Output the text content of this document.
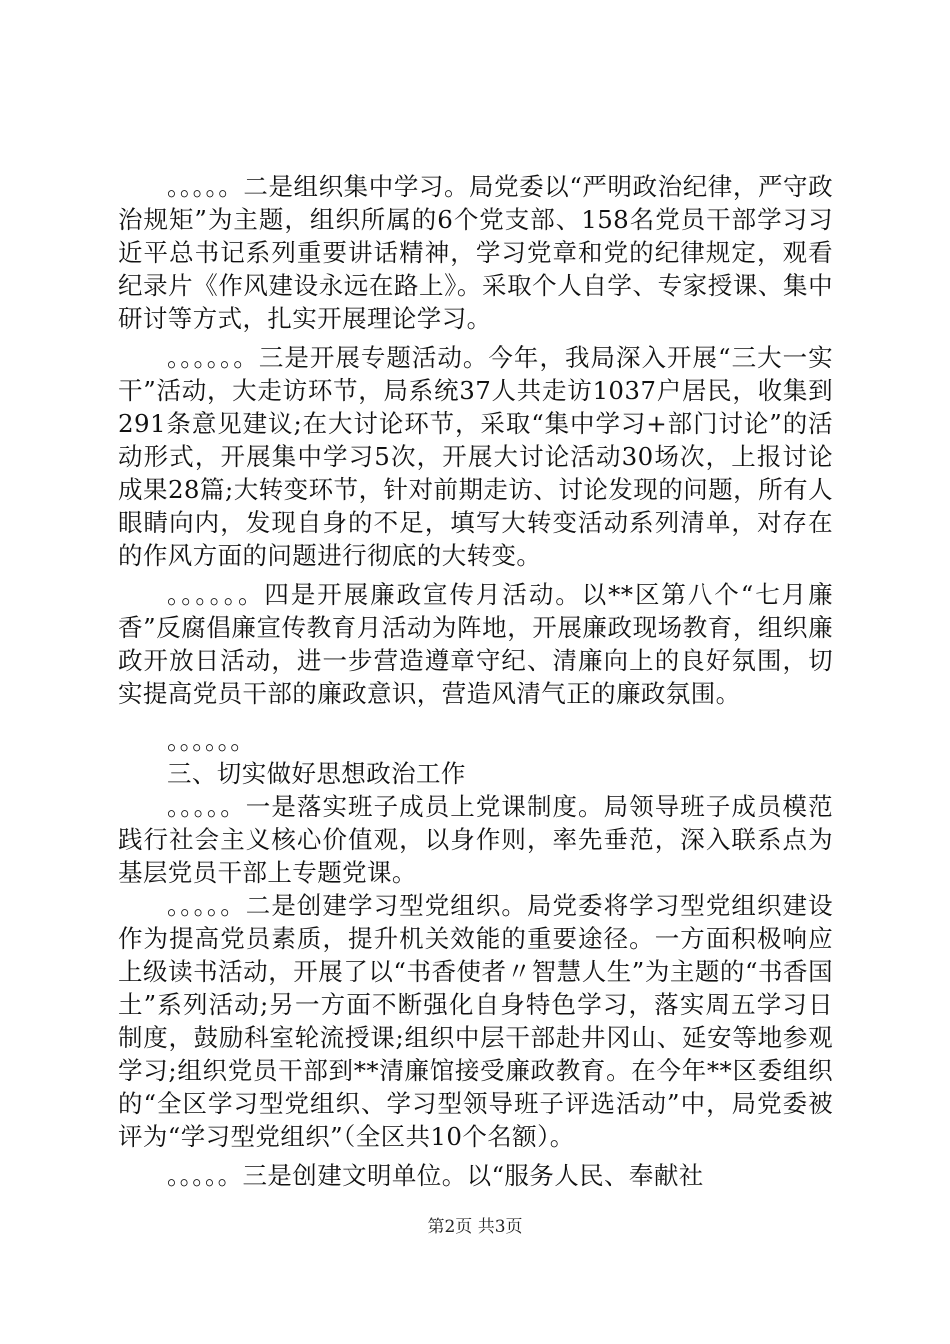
。。。。。二是组织集中学习。局党委以“严明政治纪律，严守政治规矩”为主题，组织所属的6个党支部、158名党员干部学习习近平总书记系列重要讲话精神，学习党章和党的纪律规定，观看纪录片《作风建设永远在路上》。采取个人自学、专家授课、集中研讨等方式，扎实开展理论学习。

。。。。。。三是开展专题活动。今年，我局深入开展“三大一实干”活动，大走访环节，局系统37人共走访1037户居民，收集到291条意见建议;在大讨论环节，采取“集中学习+部门讨论”的活动形式，开展集中学习5次，开展大讨论活动30场次，上报讨论成果28篇;大转变环节，针对前期走访、讨论发现的问题，所有人眼睛向内，发现自身的不足，填写大转变活动系列清单，对存在的作风方面的问题进行彻底的大转变。

。。。。。。四是开展廉政宣传月活动。以**区第八个“七月廉香”反腐倡廉宣传教育月活动为阵地，开展廉政现场教育，组织廉政开放日活动，进一步营造遵章守纪、清廉向上的良好氛围，切实提高党员干部的廉政意识，营造风清气正的廉政氛围。

。。。。。。

三、切实做好思想政治工作

。。。。。一是落实班子成员上党课制度。局领导班子成员模范践行社会主义核心价值观，以身作则，率先垂范，深入联系点为基层党员干部上专题党课。

。。。。。二是创建学习型党组织。局党委将学习型党组织建设作为提高党员素质，提升机关效能的重要途径。一方面积极响应上级读书活动，开展了以“书香使者〃智慧人生”为主题的“书香国土”系列活动;另一方面不断强化自身特色学习，落实周五学习日制度，鼓励科室轮流授课;组织中层干部赴井冈山、延安等地参观学习;组织党员干部到**清廉馆接受廉政教育。在今年**区委组织的“全区学习型党组织、学习型领导班子评选活动”中，局党委被评为“学习型党组织”（全区共10个名额）。

。。。。。三是创建文明单位。以“服务人民、奉献社

第2页 共3页
